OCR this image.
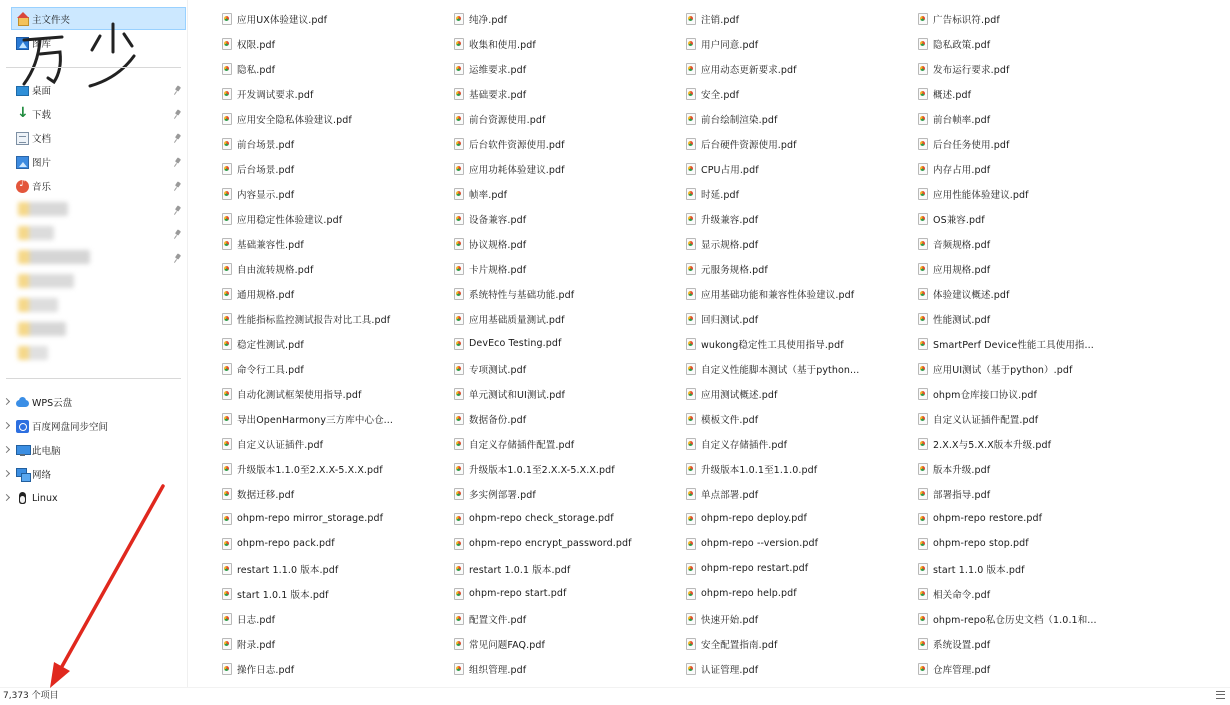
主文件夹
图库
桌面
↓
下载
文档
图片
♪
音乐
WPS云盘
百度网盘同步空间
此电脑
网络
Linux
应用UX体验建议.pdf	纯净.pdf	注销.pdf	广告标识符.pdf
权限.pdf	收集和使用.pdf	用户同意.pdf	隐私政策.pdf
隐私.pdf	运维要求.pdf	应用动态更新要求.pdf	发布运行要求.pdf
开发调试要求.pdf	基础要求.pdf	安全.pdf	概述.pdf
应用安全隐私体验建议.pdf	前台资源使用.pdf	前台绘制渲染.pdf	前台帧率.pdf
前台场景.pdf	后台软件资源使用.pdf	后台硬件资源使用.pdf	后台任务使用.pdf
后台场景.pdf	应用功耗体验建议.pdf	CPU占用.pdf	内存占用.pdf
内容显示.pdf	帧率.pdf	时延.pdf	应用性能体验建议.pdf
应用稳定性体验建议.pdf	设备兼容.pdf	升级兼容.pdf	OS兼容.pdf
基础兼容性.pdf	协议规格.pdf	显示规格.pdf	音频规格.pdf
自由流转规格.pdf	卡片规格.pdf	元服务规格.pdf	应用规格.pdf
通用规格.pdf	系统特性与基础功能.pdf	应用基础功能和兼容性体验建议.pdf	体验建议概述.pdf
性能指标监控测试报告对比工具.pdf	应用基础质量测试.pdf	回归测试.pdf	性能测试.pdf
稳定性测试.pdf	DevEco Testing.pdf	wukong稳定性工具使用指导.pdf	SmartPerf Device性能工具使用指...
命令行工具.pdf	专项测试.pdf	自定义性能脚本测试（基于python...	应用UI测试（基于python）.pdf
自动化测试框架使用指导.pdf	单元测试和UI测试.pdf	应用测试概述.pdf	ohpm仓库接口协议.pdf
导出OpenHarmony三方库中心仓...	数据备份.pdf	模板文件.pdf	自定义认证插件配置.pdf
自定义认证插件.pdf	自定义存储插件配置.pdf	自定义存储插件.pdf	2.X.X与5.X.X版本升级.pdf
升级版本1.1.0至2.X.X-5.X.X.pdf	升级版本1.0.1至2.X.X-5.X.X.pdf	升级版本1.0.1至1.1.0.pdf	版本升级.pdf
数据迁移.pdf	多实例部署.pdf	单点部署.pdf	部署指导.pdf
ohpm-repo mirror_storage.pdf	ohpm-repo check_storage.pdf	ohpm-repo deploy.pdf	ohpm-repo restore.pdf
ohpm-repo pack.pdf	ohpm-repo encrypt_password.pdf	ohpm-repo --version.pdf	ohpm-repo stop.pdf
restart 1.1.0 版本.pdf	restart 1.0.1 版本.pdf	ohpm-repo restart.pdf	start 1.1.0 版本.pdf
start 1.0.1 版本.pdf	ohpm-repo start.pdf	ohpm-repo help.pdf	相关命令.pdf
日志.pdf	配置文件.pdf	快速开始.pdf	ohpm-repo私仓历史文档（1.0.1和...
附录.pdf	常见问题FAQ.pdf	安全配置指南.pdf	系统设置.pdf
操作日志.pdf	组织管理.pdf	认证管理.pdf	仓库管理.pdf
7,373 个项目
